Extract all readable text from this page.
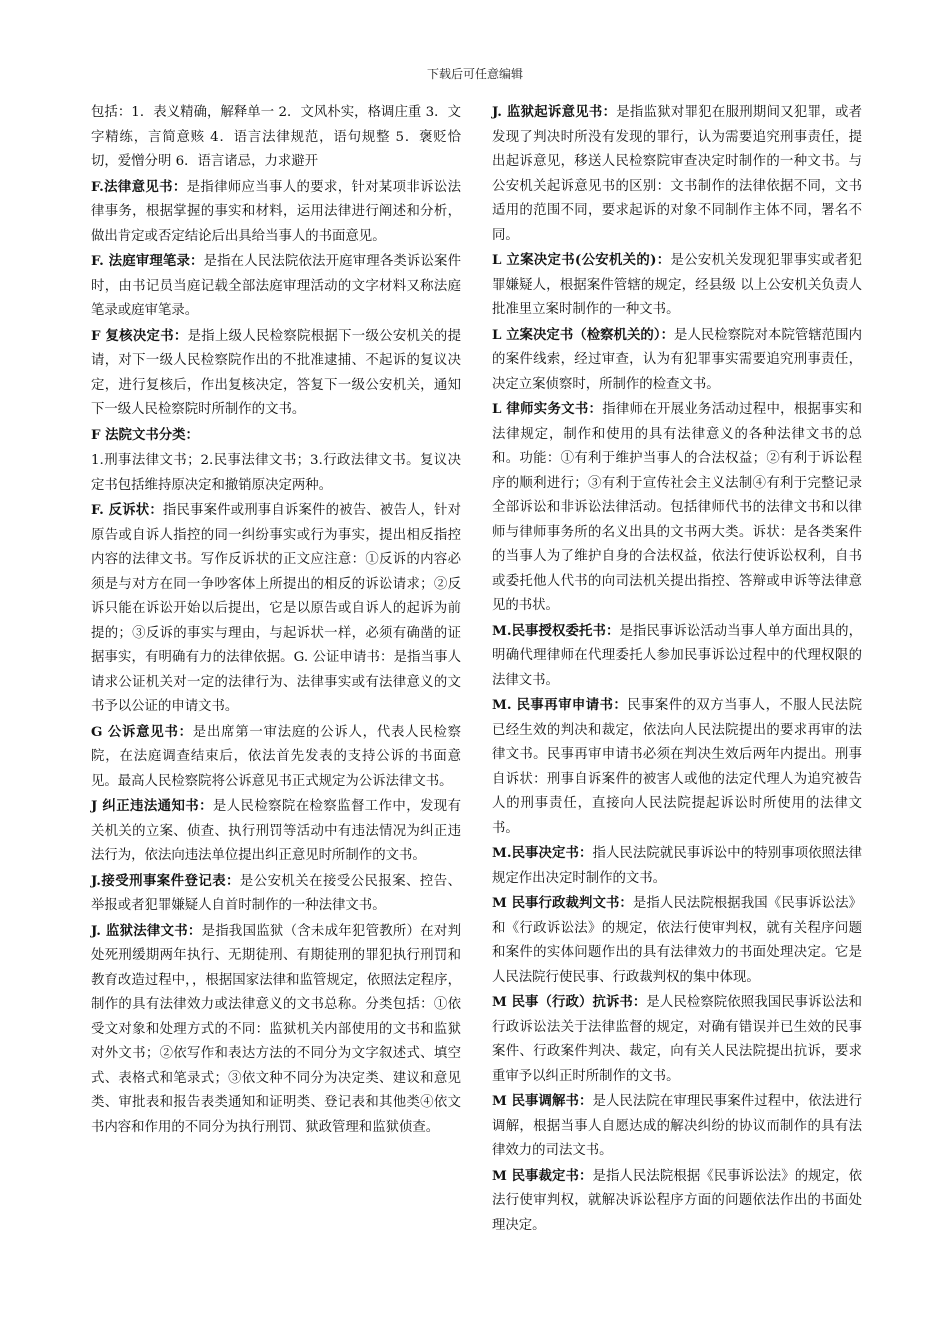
下载后可任意编辑

包括：1．表义精确，解释单一 2．文风朴实，格调庄重 3．文字精练，言简意赅 4．语言法律规范，语句规整 5．褒贬恰切，爱憎分明 6．语言诸忌，力求避开

F.法律意见书：是指律师应当事人的要求，针对某项非诉讼法律事务，根据掌握的事实和材料，运用法律进行阐述和分析，做出肯定或否定结论后出具给当事人的书面意见。

F. 法庭审理笔录：是指在人民法院依法开庭审理各类诉讼案件时，由书记员当庭记载全部法庭审理活动的文字材料又称法庭笔录或庭审笔录。

F 复核决定书：是指上级人民检察院根据下一级公安机关的提请，对下一级人民检察院作出的不批准逮捕、不起诉的复议决定，进行复核后，作出复核决定，答复下一级公安机关，通知下一级人民检察院时所制作的文书。

F 法院文书分类：

1.刑事法律文书；2.民事法律文书；3.行政法律文书。复议决定书包括维持原决定和撤销原决定两种。

F. 反诉状：指民事案件或刑事自诉案件的被告、被告人，针对原告或自诉人指控的同一纠纷事实或行为事实，提出相反指控内容的法律文书。写作反诉状的正文应注意：①反诉的内容必须是与对方在同一争吵客体上所提出的相反的诉讼请求；②反诉只能在诉讼开始以后提出，它是以原告或自诉人的起诉为前提的；③反诉的事实与理由，与起诉状一样，必须有确凿的证据事实，有明确有力的法律依据。G. 公证申请书：是指当事人请求公证机关对一定的法律行为、法律事实或有法律意义的文书予以公证的申请文书。

G 公诉意见书：是出席第一审法庭的公诉人，代表人民检察院，在法庭调查结束后，依法首先发表的支持公诉的书面意见。最高人民检察院将公诉意见书正式规定为公诉法律文书。

J 纠正违法通知书：是人民检察院在检察监督工作中，发现有关机关的立案、侦查、执行刑罚等活动中有违法情况为纠正违法行为，依法向违法单位提出纠正意见时所制作的文书。

J.接受刑事案件登记表：是公安机关在接受公民报案、控告、举报或者犯罪嫌疑人自首时制作的一种法律文书。

J. 监狱法律文书：是指我国监狱（含未成年犯管教所）在对判处死刑缓期两年执行、无期徒刑、有期徒刑的罪犯执行刑罚和教育改造过程中，，根据国家法律和监管规定，依照法定程序，制作的具有法律效力或法律意义的文书总称。分类包括：①依受文对象和处理方式的不同：监狱机关内部使用的文书和监狱对外文书；②依写作和表达方法的不同分为文字叙述式、填空式、表格式和笔录式；③依文种不同分为决定类、建议和意见类、审批表和报告表类通知和证明类、登记表和其他类④依文书内容和作用的不同分为执行刑罚、狱政管理和监狱侦查。

J. 监狱起诉意见书：是指监狱对罪犯在服刑期间又犯罪，或者发现了判决时所没有发现的罪行，认为需要追究刑事责任，提出起诉意见，移送人民检察院审查决定时制作的一种文书。与公安机关起诉意见书的区别：文书制作的法律依据不同，文书适用的范围不同，要求起诉的对象不同制作主体不同，署名不同。

L 立案决定书(公安机关的)：是公安机关发现犯罪事实或者犯罪嫌疑人，根据案件管辖的规定，经县级 以上公安机关负责人批准里立案时制作的一种文书。

L 立案决定书（检察机关的）：是人民检察院对本院管辖范围内的案件线索，经过审查，认为有犯罪事实需要追究刑事责任，决定立案侦察时，所制作的检查文书。

L 律师实务文书：指律师在开展业务活动过程中，根据事实和法律规定，制作和使用的具有法律意义的各种法律文书的总和。功能：①有利于维护当事人的合法权益；②有利于诉讼程序的顺利进行；③有利于宣传社会主义法制④有利于完整记录全部诉讼和非诉讼法律活动。包括律师代书的法律文书和以律师与律师事务所的名义出具的文书两大类。诉状：是各类案件的当事人为了维护自身的合法权益，依法行使诉讼权利，自书或委托他人代书的向司法机关提出指控、答辩或申诉等法律意见的书状。

M.民事授权委托书：是指民事诉讼活动当事人单方面出具的，明确代理律师在代理委托人参加民事诉讼过程中的代理权限的法律文书。

M. 民事再审申请书：民事案件的双方当事人，不服人民法院已经生效的判决和裁定，依法向人民法院提出的要求再审的法律文书。民事再审申请书必须在判决生效后两年内提出。刑事自诉状：刑事自诉案件的被害人或他的法定代理人为追究被告人的刑事责任，直接向人民法院提起诉讼时所使用的法律文书。

M.民事决定书：指人民法院就民事诉讼中的特别事项依照法律规定作出决定时制作的文书。

M 民事行政裁判文书：是指人民法院根据我国《民事诉讼法》和《行政诉讼法》的规定，依法行使审判权，就有关程序问题和案件的实体问题作出的具有法律效力的书面处理决定。它是人民法院行使民事、行政裁判权的集中体现。

M 民事（行政）抗诉书：是人民检察院依照我国民事诉讼法和行政诉讼法关于法律监督的规定，对确有错误并已生效的民事案件、行政案件判决、裁定，向有关人民法院提出抗诉，要求重审予以纠正时所制作的文书。

M 民事调解书：是人民法院在审理民事案件过程中，依法进行调解，根据当事人自愿达成的解决纠纷的协议而制作的具有法律效力的司法文书。

M 民事裁定书：是指人民法院根据《民事诉讼法》的规定，依法行使审判权，就解决诉讼程序方面的问题依法作出的书面处理决定。
